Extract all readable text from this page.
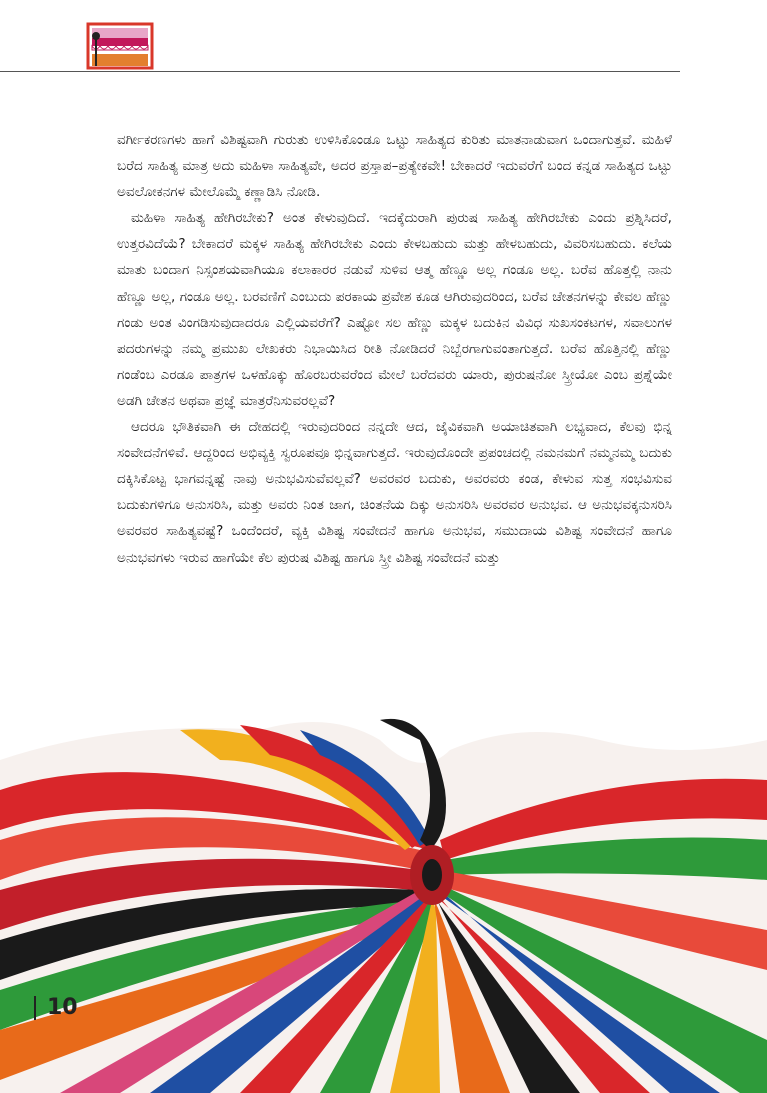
ವರ್ಗೀಕರಣಗಳು ಹಾಗೆ ವಿಶಿಷ್ಟವಾಗಿ ಗುರುತು ಉಳಿಸಿಕೊಂಡೂ ಒಟ್ಟು ಸಾಹಿತ್ಯದ ಕುರಿತು ಮಾತನಾಡುವಾಗ ಒಂದಾಗುತ್ತವೆ. ಮಹಿಳೆ ಬರೆದ ಸಾಹಿತ್ಯ ಮಾತ್ರ ಅದು ಮಹಿಳಾ ಸಾಹಿತ್ಯವೇ, ಅದರ ಪ್ರಸ್ತಾಪ–ಪ್ರತ್ಯೇಕವೇ! ಬೇಕಾದರೆ ಇದುವರೆಗೆ ಬಂದ ಕನ್ನಡ ಸಾಹಿತ್ಯದ ಒಟ್ಟು ಅವಲೋಕನಗಳ ಮೇಲೊಮ್ಮೆ ಕಣ್ಣಾಡಿಸಿ ನೋಡಿ.

ಮಹಿಳಾ ಸಾಹಿತ್ಯ ಹೇಗಿರಬೇಕು? ಅಂತ ಕೇಳುವುದಿದೆ. ಇದಕ್ಕೆದುರಾಗಿ ಪುರುಷ ಸಾಹಿತ್ಯ ಹೇಗಿರಬೇಕು ಎಂದು ಪ್ರಶ್ನಿಸಿದರೆ, ಉತ್ತರವಿದೆಯೆ? ಬೇಕಾದರೆ ಮಕ್ಕಳ ಸಾಹಿತ್ಯ ಹೇಗಿರಬೇಕು ಎಂದು ಕೇಳಬಹುದು ಮತ್ತು ಹೇಳಬಹುದು, ವಿವರಿಸಬಹುದು. ಕಲೆಯ ಮಾತು ಬಂದಾಗ ನಿಸ್ಸಂಶಯವಾಗಿಯೂ ಕಲಾಕಾರರ ನಡುವೆ ಸುಳಿವ ಆತ್ಮ ಹೆಣ್ಣೂ ಅಲ್ಲ ಗಂಡೂ ಅಲ್ಲ. ಬರೆವ ಹೊತ್ತಲ್ಲಿ ನಾನು ಹೆಣ್ಣೂ ಅಲ್ಲ, ಗಂಡೂ ಅಲ್ಲ. ಬರವಣಿಗೆ ಎಂಬುದು ಪರಕಾಯ ಪ್ರವೇಶ ಕೂಡ ಆಗಿರುವುದರಿಂದ, ಬರೆವ ಚೇತನಗಳನ್ನು ಕೇವಲ ಹೆಣ್ಣು ಗಂಡು ಅಂತ ವಿಂಗಡಿಸುವುದಾದರೂ ಎಲ್ಲಿಯವರೆಗೆ? ಎಷ್ಟೋ ಸಲ ಹೆಣ್ಣು ಮಕ್ಕಳ ಬದುಕಿನ ವಿವಿಧ ಸುಖಸಂಕಟಗಳ, ಸವಾಲುಗಳ ಪದರುಗಳನ್ನು ನಮ್ಮ ಪ್ರಮುಖ ಲೇಖಕರು ನಿಭಾಯಿಸಿದ ರೀತಿ ನೋಡಿದರೆ ನಿಬ್ಬೆರಗಾಗುವಂತಾಗುತ್ತದೆ. ಬರೆವ ಹೊತ್ತಿನಲ್ಲಿ ಹೆಣ್ಣು ಗಂಡೆಂಬ ಎರಡೂ ಪಾತ್ರಗಳ ಒಳಹೊಕ್ಕು ಹೊರಬರುವರೆಂದ ಮೇಲೆ ಬರೆದವರು ಯಾರು, ಪುರುಷನೋ ಸ್ತ್ರೀಯೋ ಎಂಬ ಪ್ರಶ್ನೆಯೇ ಅಡಗಿ ಚೇತನ ಅಥವಾ ಪ್ರಜ್ಞೆ ಮಾತ್ರರೆನಿಸುವರಲ್ಲವೆ?

ಆದರೂ ಭೌತಿಕವಾಗಿ ಈ ದೇಹದಲ್ಲಿ ಇರುವುದರಿಂದ ನನ್ನದೇ ಆದ, ಜೈವಿಕವಾಗಿ ಅಯಾಚಿತವಾಗಿ ಲಭ್ಯವಾದ, ಕೆಲವು ಭಿನ್ನ ಸಂವೇದನೆಗಳಿವೆ. ಆದ್ದರಿಂದ ಅಭಿವ್ಯಕ್ತಿ ಸ್ವರೂಪವೂ ಭಿನ್ನವಾಗುತ್ತದೆ. ಇರುವುದೊಂದೇ ಪ್ರಪಂಚದಲ್ಲಿ ನಮನಮಗೆ ನಮ್ಮನಮ್ಮ ಬದುಕು ದಕ್ಕಿಸಿಕೊಟ್ಟ ಭಾಗವನ್ನಷ್ಟೆ ನಾವು ಅನುಭವಿಸುವೆವಲ್ಲವೆ? ಅವರವರ ಬದುಕು, ಅವರವರು ಕಂಡ, ಕೇಳುವ ಸುತ್ತ ಸಂಭವಿಸುವ ಬದುಕುಗಳಿಗೂ ಅನುಸರಿಸಿ, ಮತ್ತು ಅವರು ನಿಂತ ಜಾಗ, ಚಿಂತನೆಯ ದಿಕ್ಕು ಅನುಸರಿಸಿ ಅವರವರ ಅನುಭವ. ಆ ಅನುಭವಕ್ಕನುಸರಿಸಿ ಅವರವರ ಸಾಹಿತ್ಯವಷ್ಟೆ? ಒಂದೆಂದರೆ, ವ್ಯಕ್ತಿ ವಿಶಿಷ್ಟ ಸಂವೇದನೆ ಹಾಗೂ ಅನುಭವ, ಸಮುದಾಯ ವಿಶಿಷ್ಟ ಸಂವೇದನೆ ಹಾಗೂ ಅನುಭವಗಳು ಇರುವ ಹಾಗೆಯೇ ಕೆಲ ಪುರುಷ ವಿಶಿಷ್ಟ ಹಾಗೂ ಸ್ತ್ರೀ ವಿಶಿಷ್ಟ ಸಂವೇದನೆ ಮತ್ತು

10
